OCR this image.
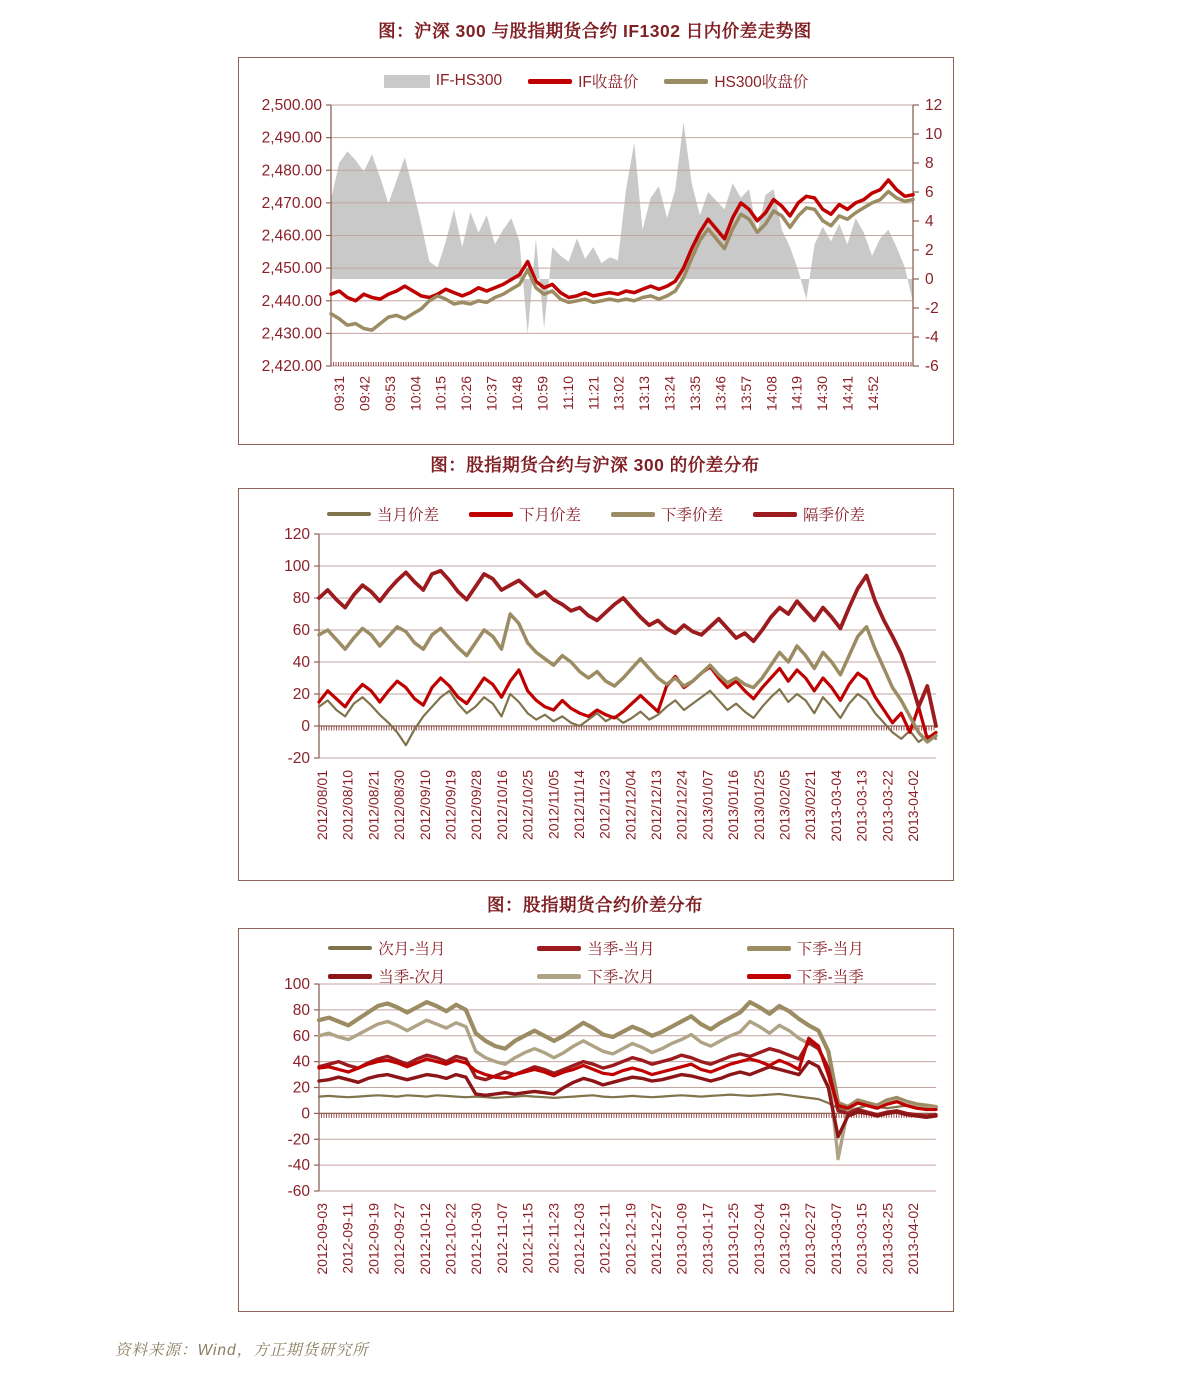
图：沪深 300 与股指期货合约 IF1302 日内价差走势图
IF-HS300	IF收盘价	HS300收盘价
2,500.00
2,490.00
2,480.00
2,470.00
2,460.00
2,450.00
2,440.00
2,430.00
2,420.00
12
10
8
6
4
2
0
-2
-4
-6
09:31 09:42 09:53 10:04 10:15 10:26 10:37 10:48 10:59 11:10 11:21 13:02 13:13 13:24 13:35 13:46 13:57 14:08 14:19 14:30 14:41 14:52
图：股指期货合约与沪深 300 的价差分布
当月价差	下月价差	下季价差	隔季价差
120
100
80
60
40
20
0
-20
2012/08/01 2012/08/10 2012/08/21 2012/08/30 2012/09/10 2012/09/19 2012/09/28 2012/10/16 2012/10/25 2012/11/05 2012/11/14 2012/11/23 2012/12/04 2012/12/13 2012/12/24 2013/01/07 2013/01/16 2013/01/25 2013/02/05 2013/02/21 2013-03-04 2013-03-13 2013-03-22 2013-04-02
图：股指期货合约价差分布
次月-当月	当季-当月	下季-当月
当季-次月	下季-次月	下季-当季
100
80
60
40
20
0
-20
-40
-60
2012-09-03 2012-09-11 2012-09-19 2012-09-27 2012-10-12 2012-10-22 2012-10-30 2012-11-07 2012-11-15 2012-11-23 2012-12-03 2012-12-11 2012-12-19 2012-12-27 2013-01-09 2013-01-17 2013-01-25 2013-02-04 2013-02-19 2013-02-27 2013-03-07 2013-03-15 2013-03-25 2013-04-02
资料来源：Wind，方正期货研究所
